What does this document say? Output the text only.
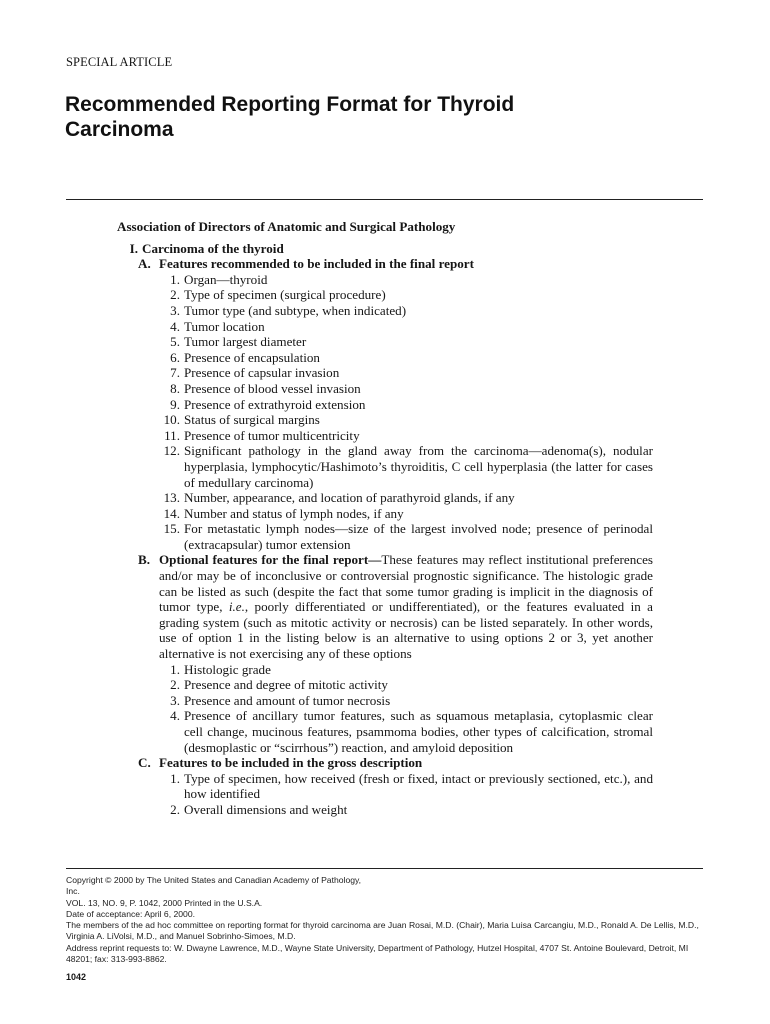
SPECIAL ARTICLE
Recommended Reporting Format for Thyroid Carcinoma
Association of Directors of Anatomic and Surgical Pathology
I. Carcinoma of the thyroid
A. Features recommended to be included in the final report
1. Organ—thyroid
2. Type of specimen (surgical procedure)
3. Tumor type (and subtype, when indicated)
4. Tumor location
5. Tumor largest diameter
6. Presence of encapsulation
7. Presence of capsular invasion
8. Presence of blood vessel invasion
9. Presence of extrathyroid extension
10. Status of surgical margins
11. Presence of tumor multicentricity
12. Significant pathology in the gland away from the carcinoma—adenoma(s), nodular hyperplasia, lymphocytic/Hashimoto’s thyroiditis, C cell hyperplasia (the latter for cases of medullary carcinoma)
13. Number, appearance, and location of parathyroid glands, if any
14. Number and status of lymph nodes, if any
15. For metastatic lymph nodes—size of the largest involved node; presence of perinodal (extracapsular) tumor extension
B. Optional features for the final report—These features may reflect institutional preferences and/or may be of inconclusive or controversial prognostic significance. The histologic grade can be listed as such (despite the fact that some tumor grading is implicit in the diagnosis of tumor type, i.e., poorly differentiated or undifferentiated), or the features evaluated in a grading system (such as mitotic activity or necrosis) can be listed separately. In other words, use of option 1 in the listing below is an alternative to using options 2 or 3, yet another alternative is not exercising any of these options
1. Histologic grade
2. Presence and degree of mitotic activity
3. Presence and amount of tumor necrosis
4. Presence of ancillary tumor features, such as squamous metaplasia, cytoplasmic clear cell change, mucinous features, psammoma bodies, other types of calcification, stromal (desmoplastic or “scirrhous”) reaction, and amyloid deposition
C. Features to be included in the gross description
1. Type of specimen, how received (fresh or fixed, intact or previously sectioned, etc.), and how identified
2. Overall dimensions and weight
Copyright © 2000 by The United States and Canadian Academy of Pathology, Inc.
VOL. 13, NO. 9, P. 1042, 2000 Printed in the U.S.A.
Date of acceptance: April 6, 2000.
The members of the ad hoc committee on reporting format for thyroid carcinoma are Juan Rosai, M.D. (Chair), Maria Luisa Carcangiu, M.D., Ronald A. De Lellis, M.D., Virginia A. LiVolsi, M.D., and Manuel Sobrinho-Simoes, M.D.
Address reprint requests to: W. Dwayne Lawrence, M.D., Wayne State University, Department of Pathology, Hutzel Hospital, 4707 St. Antoine Boulevard, Detroit, MI 48201; fax: 313-993-8862.
1042
